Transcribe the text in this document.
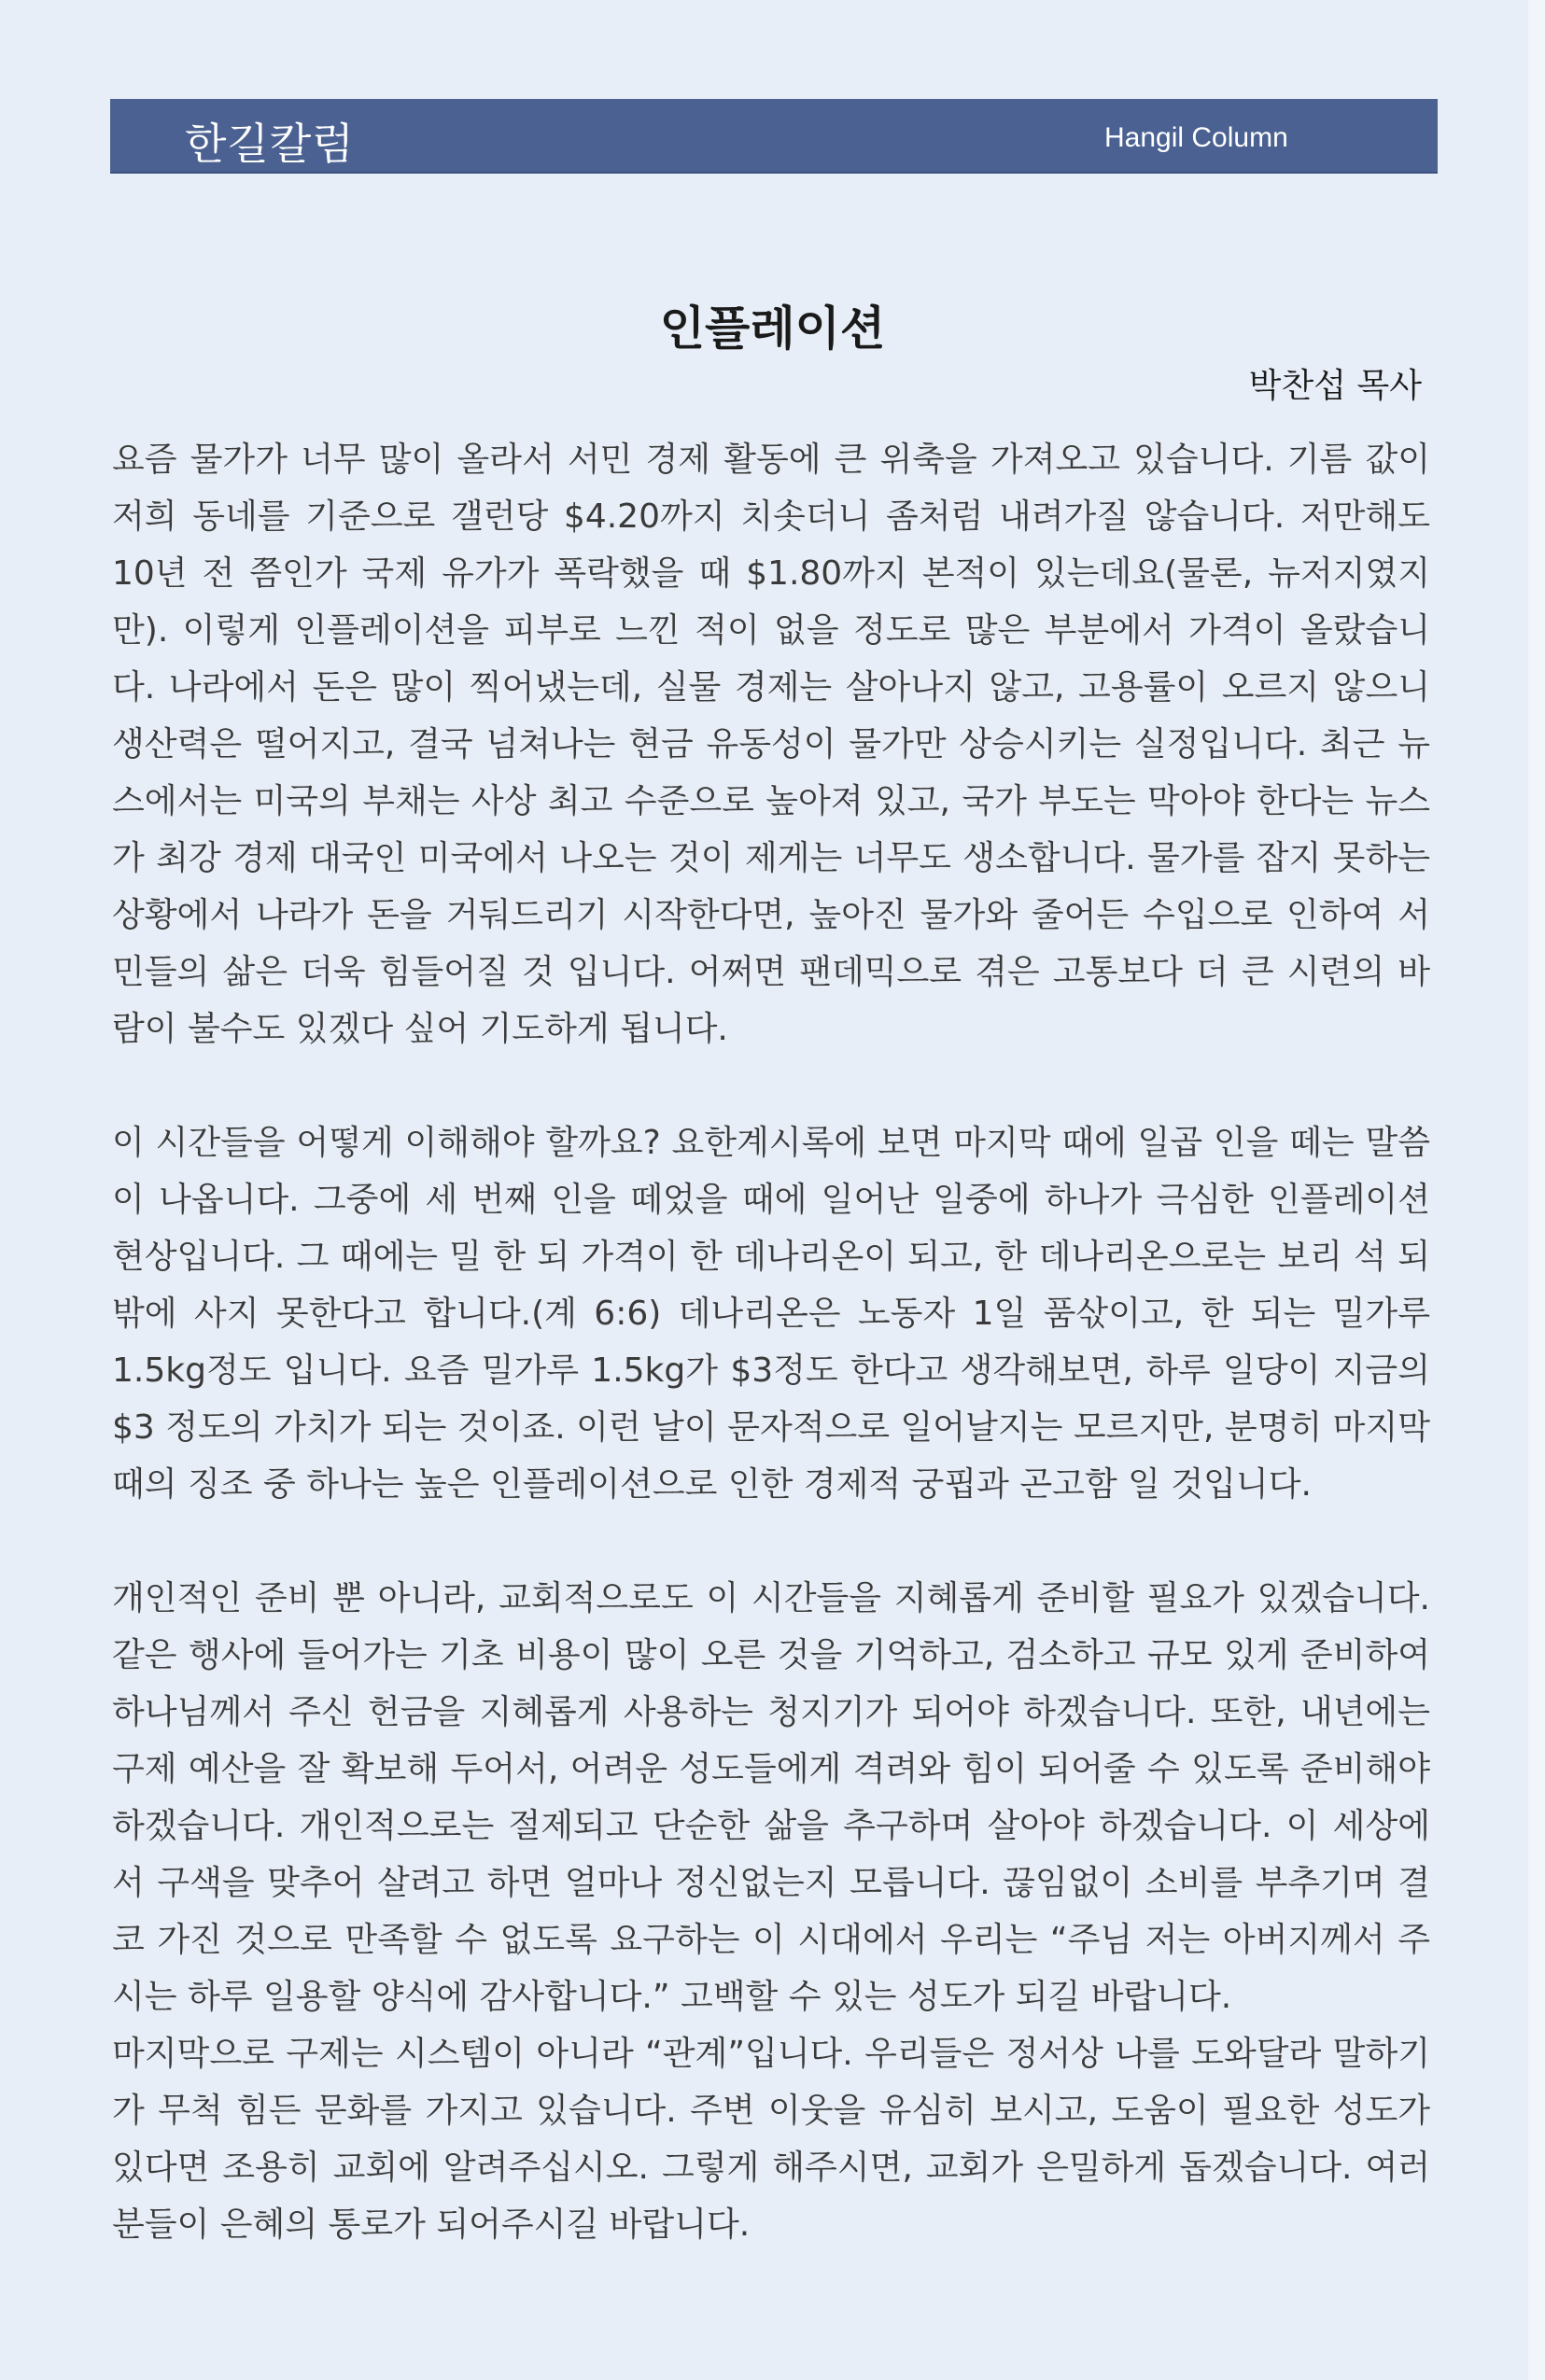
한길칼럼	Hangil Column
인플레이션
박찬섭 목사

요즘 물가가 너무 많이 올라서 서민 경제 활동에 큰 위축을 가져오고 있습니다. 기름 값이 저희 동네를 기준으로 갤런당 $4.20까지 치솟더니 좀처럼 내려가질 않습니다. 저만해도 10년 전 쯤인가 국제 유가가 폭락했을 때 $1.80까지 본적이 있는데요(물론, 뉴저지였지만). 이렇게 인플레이션을 피부로 느낀 적이 없을 정도로 많은 부분에서 가격이 올랐습니다. 나라에서 돈은 많이 찍어냈는데, 실물 경제는 살아나지 않고, 고용률이 오르지 않으니 생산력은 떨어지고, 결국 넘쳐나는 현금 유동성이 물가만 상승시키는 실정입니다. 최근 뉴스에서는 미국의 부채는 사상 최고 수준으로 높아져 있고, 국가 부도는 막아야 한다는 뉴스가 최강 경제 대국인 미국에서 나오는 것이 제게는 너무도 생소합니다. 물가를 잡지 못하는 상황에서 나라가 돈을 거둬드리기 시작한다면, 높아진 물가와 줄어든 수입으로 인하여 서민들의 삶은 더욱 힘들어질 것 입니다. 어쩌면 팬데믹으로 겪은 고통보다 더 큰 시련의 바람이 불수도 있겠다 싶어 기도하게 됩니다.

이 시간들을 어떻게 이해해야 할까요? 요한계시록에 보면 마지막 때에 일곱 인을 떼는 말씀이 나옵니다. 그중에 세 번째 인을 떼었을 때에 일어난 일중에 하나가 극심한 인플레이션 현상입니다. 그 때에는 밀 한 되 가격이 한 데나리온이 되고, 한 데나리온으로는 보리 석 되밖에 사지 못한다고 합니다.(계 6:6) 데나리온은 노동자 1일 품삯이고, 한 되는 밀가루 1.5kg정도 입니다. 요즘 밀가루 1.5kg가 $3정도 한다고 생각해보면, 하루 일당이 지금의 $3 정도의 가치가 되는 것이죠. 이런 날이 문자적으로 일어날지는 모르지만, 분명히 마지막 때의 징조 중 하나는 높은 인플레이션으로 인한 경제적 궁핍과 곤고함 일 것입니다.

개인적인 준비 뿐 아니라, 교회적으로도 이 시간들을 지혜롭게 준비할 필요가 있겠습니다. 같은 행사에 들어가는 기초 비용이 많이 오른 것을 기억하고, 검소하고 규모 있게 준비하여 하나님께서 주신 헌금을 지혜롭게 사용하는 청지기가 되어야 하겠습니다. 또한, 내년에는 구제 예산을 잘 확보해 두어서, 어려운 성도들에게 격려와 힘이 되어줄 수 있도록 준비해야 하겠습니다. 개인적으로는 절제되고 단순한 삶을 추구하며 살아야 하겠습니다. 이 세상에서 구색을 맞추어 살려고 하면 얼마나 정신없는지 모릅니다. 끊임없이 소비를 부추기며 결코 가진 것으로 만족할 수 없도록 요구하는 이 시대에서 우리는 “주님 저는 아버지께서 주시는 하루 일용할 양식에 감사합니다.” 고백할 수 있는 성도가 되길 바랍니다.

마지막으로 구제는 시스템이 아니라 “관계”입니다. 우리들은 정서상 나를 도와달라 말하기가 무척 힘든 문화를 가지고 있습니다. 주변 이웃을 유심히 보시고, 도움이 필요한 성도가 있다면 조용히 교회에 알려주십시오. 그렇게 해주시면, 교회가 은밀하게 돕겠습니다. 여러분들이 은혜의 통로가 되어주시길 바랍니다.
